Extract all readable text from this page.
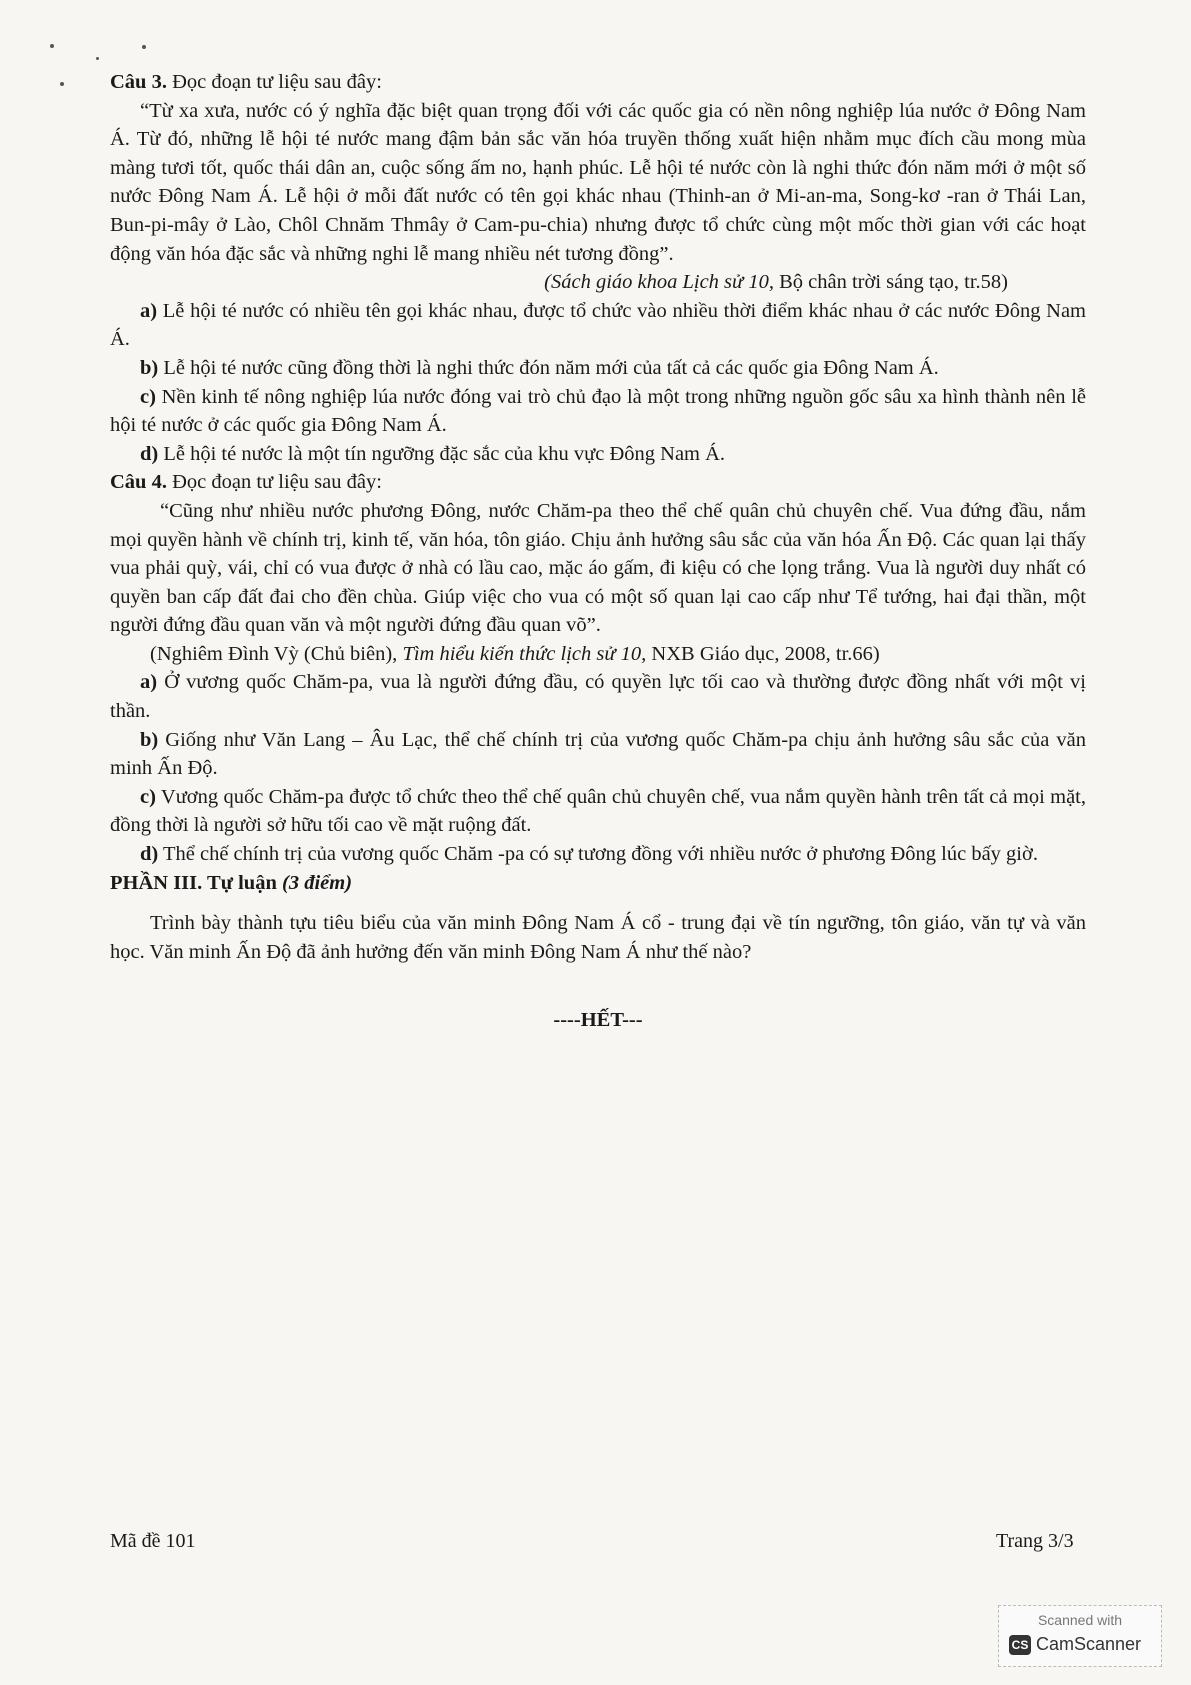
Câu 3. Đọc đoạn tư liệu sau đây:

“Từ xa xưa, nước có ý nghĩa đặc biệt quan trọng đối với các quốc gia có nền nông nghiệp lúa nước ở Đông Nam Á. Từ đó, những lễ hội té nước mang đậm bản sắc văn hóa truyền thống xuất hiện nhằm mục đích cầu mong mùa màng tươi tốt, quốc thái dân an, cuộc sống ấm no, hạnh phúc. Lễ hội té nước còn là nghi thức đón năm mới ở một số nước Đông Nam Á. Lễ hội ở mỗi đất nước có tên gọi khác nhau (Thinh-an ở Mi-an-ma, Song-kơ -ran ở Thái Lan, Bun-pi-mây ở Lào, Chôl Chnăm Thmây ở Cam-pu-chia) nhưng được tổ chức cùng một mốc thời gian với các hoạt động văn hóa đặc sắc và những nghi lễ mang nhiều nét tương đồng”.

(Sách giáo khoa Lịch sử 10, Bộ chân trời sáng tạo, tr.58)

a) Lễ hội té nước có nhiều tên gọi khác nhau, được tổ chức vào nhiều thời điểm khác nhau ở các nước Đông Nam Á.

b) Lễ hội té nước cũng đồng thời là nghi thức đón năm mới của tất cả các quốc gia Đông Nam Á.

c) Nền kinh tế nông nghiệp lúa nước đóng vai trò chủ đạo là một trong những nguồn gốc sâu xa hình thành nên lễ hội té nước ở các quốc gia Đông Nam Á.

d) Lễ hội té nước là một tín ngưỡng đặc sắc của khu vực Đông Nam Á.

Câu 4. Đọc đoạn tư liệu sau đây:

“Cũng như nhiều nước phương Đông, nước Chăm-pa theo thể chế quân chủ chuyên chế. Vua đứng đầu, nắm mọi quyền hành về chính trị, kinh tế, văn hóa, tôn giáo. Chịu ảnh hưởng sâu sắc của văn hóa Ấn Độ. Các quan lại thấy vua phải quỳ, vái, chỉ có vua được ở nhà có lầu cao, mặc áo gấm, đi kiệu có che lọng trắng. Vua là người duy nhất có quyền ban cấp đất đai cho đền chùa. Giúp việc cho vua có một số quan lại cao cấp như Tể tướng, hai đại thần, một người đứng đầu quan văn và một người đứng đầu quan võ”.

(Nghiêm Đình Vỳ (Chủ biên), Tìm hiểu kiến thức lịch sử 10, NXB Giáo dục, 2008, tr.66)

a) Ở vương quốc Chăm-pa, vua là người đứng đầu, có quyền lực tối cao và thường được đồng nhất với một vị thần.

b) Giống như Văn Lang – Âu Lạc, thể chế chính trị của vương quốc Chăm-pa chịu ảnh hưởng sâu sắc của văn minh Ấn Độ.

c) Vương quốc Chăm-pa được tổ chức theo thể chế quân chủ chuyên chế, vua nắm quyền hành trên tất cả mọi mặt, đồng thời là người sở hữu tối cao về mặt ruộng đất.

d) Thể chế chính trị của vương quốc Chăm -pa có sự tương đồng với nhiều nước ở phương Đông lúc bấy giờ.

PHẦN III. Tự luận (3 điểm)

Trình bày thành tựu tiêu biểu của văn minh Đông Nam Á cổ - trung đại về tín ngưỡng, tôn giáo, văn tự và văn học. Văn minh Ấn Độ đã ảnh hưởng đến văn minh Đông Nam Á như thế nào?

----HẾT---

Mã đề 101	Trang 3/3
Scanned with
CS CamScanner
